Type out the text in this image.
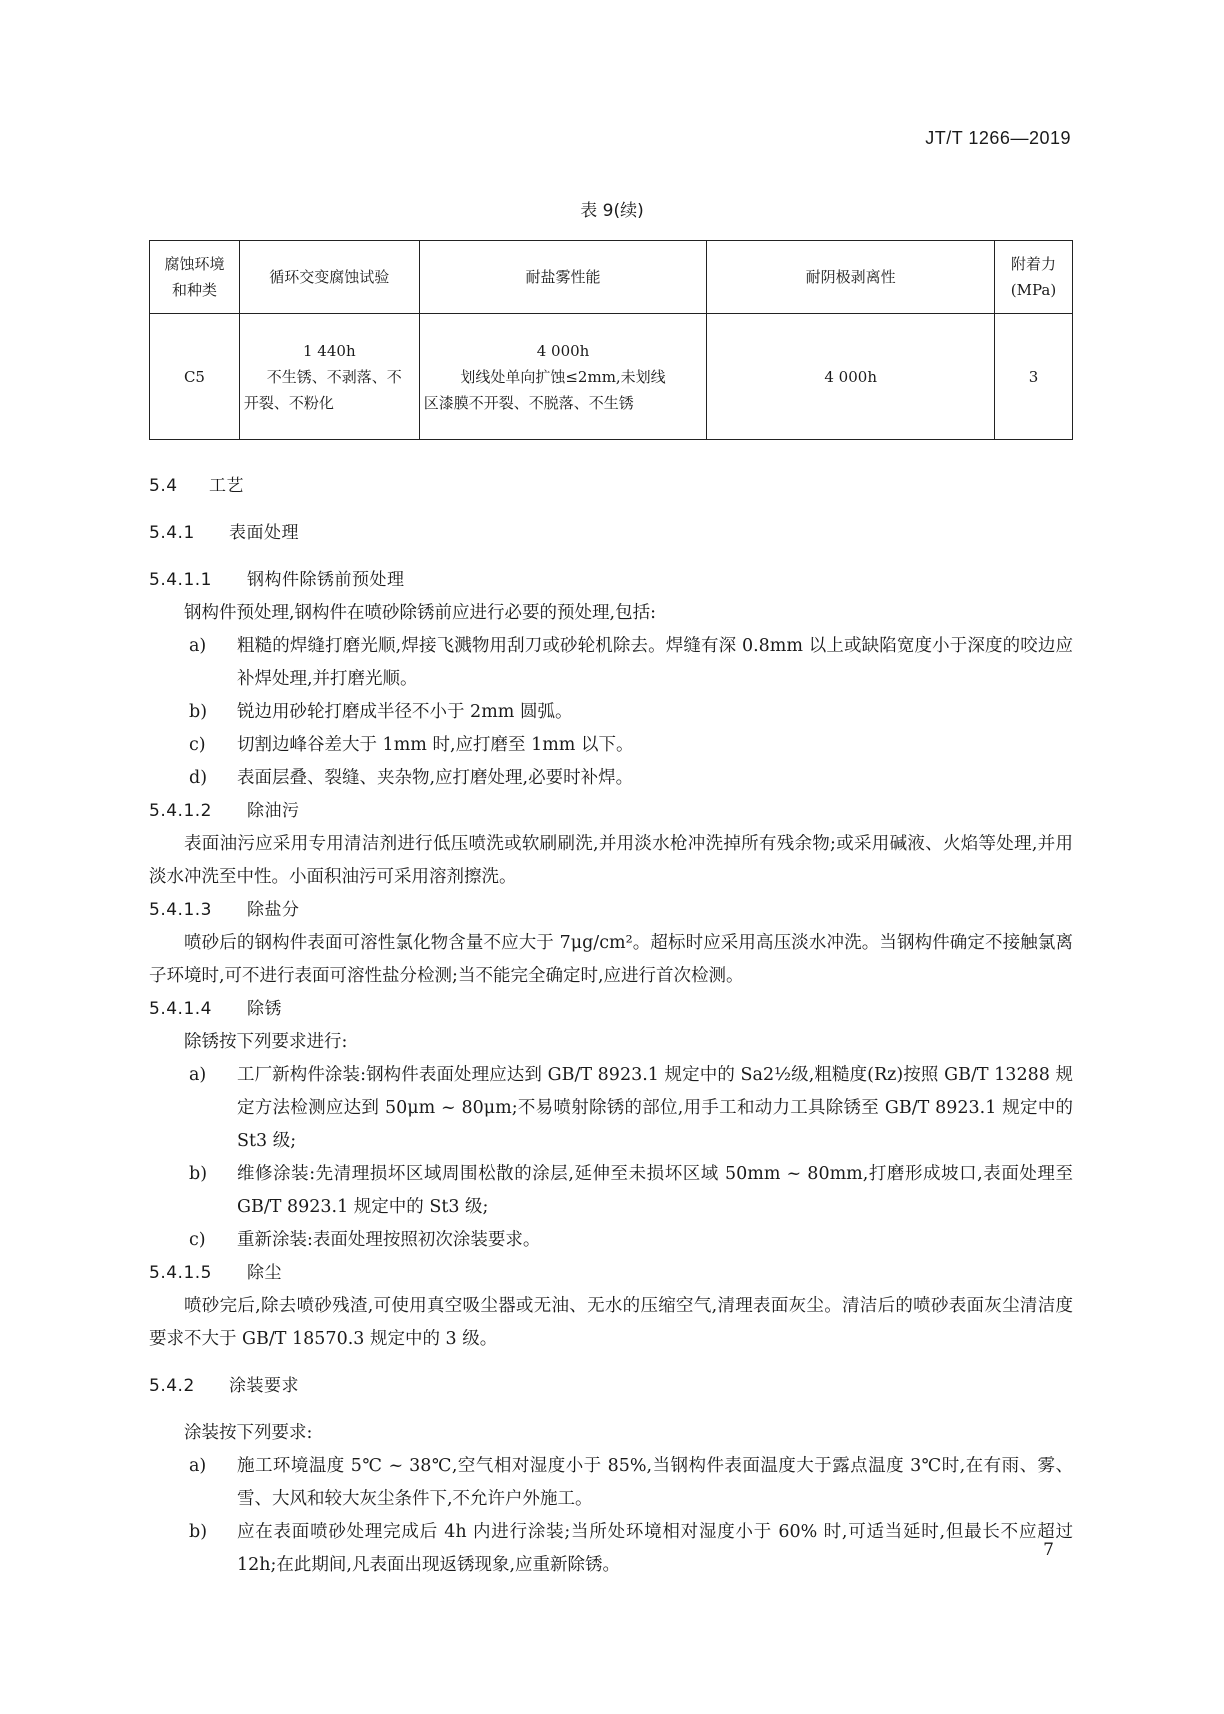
JT/T 1266—2019
表 9(续)
腐蚀环境
和种类	循环交变腐蚀试验	耐盐雾性能	耐阴极剥离性	附着力
(MPa)

C5	1 440h
不生锈、不剥落、不
开裂、不粉化	4 000h
划线处单向扩蚀≤2mm,未划线
区漆膜不开裂、不脱落、不生锈	4 000h	3
5.4 工艺
5.4.1 表面处理
5.4.1.1 钢构件除锈前预处理
钢构件预处理,钢构件在喷砂除锈前应进行必要的预处理,包括:
a)	粗糙的焊缝打磨光顺,焊接飞溅物用刮刀或砂轮机除去。焊缝有深 0.8mm 以上或缺陷宽度小于深度的咬边应补焊处理,并打磨光顺。
b)	锐边用砂轮打磨成半径不小于 2mm 圆弧。
c)	切割边峰谷差大于 1mm 时,应打磨至 1mm 以下。
d)	表面层叠、裂缝、夹杂物,应打磨处理,必要时补焊。
5.4.1.2 除油污
表面油污应采用专用清洁剂进行低压喷洗或软刷刷洗,并用淡水枪冲洗掉所有残余物;或采用碱液、火焰等处理,并用淡水冲洗至中性。小面积油污可采用溶剂擦洗。
5.4.1.3 除盐分
喷砂后的钢构件表面可溶性氯化物含量不应大于 7μg/cm²。超标时应采用高压淡水冲洗。当钢构件确定不接触氯离子环境时,可不进行表面可溶性盐分检测;当不能完全确定时,应进行首次检测。
5.4.1.4 除锈
除锈按下列要求进行:
a)	工厂新构件涂装:钢构件表面处理应达到 GB/T 8923.1 规定中的 Sa2½级,粗糙度(Rz)按照 GB/T 13288 规定方法检测应达到 50μm ~ 80μm;不易喷射除锈的部位,用手工和动力工具除锈至 GB/T 8923.1 规定中的 St3 级;
b)	维修涂装:先清理损坏区域周围松散的涂层,延伸至未损坏区域 50mm ~ 80mm,打磨形成坡口,表面处理至 GB/T 8923.1 规定中的 St3 级;
c)	重新涂装:表面处理按照初次涂装要求。
5.4.1.5 除尘
喷砂完后,除去喷砂残渣,可使用真空吸尘器或无油、无水的压缩空气,清理表面灰尘。清洁后的喷砂表面灰尘清洁度要求不大于 GB/T 18570.3 规定中的 3 级。
5.4.2 涂装要求
涂装按下列要求:
a)	施工环境温度 5℃ ~ 38℃,空气相对湿度小于 85%,当钢构件表面温度大于露点温度 3℃时,在有雨、雾、雪、大风和较大灰尘条件下,不允许户外施工。
b)	应在表面喷砂处理完成后 4h 内进行涂装;当所处环境相对湿度小于 60% 时,可适当延时,但最长不应超过 12h;在此期间,凡表面出现返锈现象,应重新除锈。
7
